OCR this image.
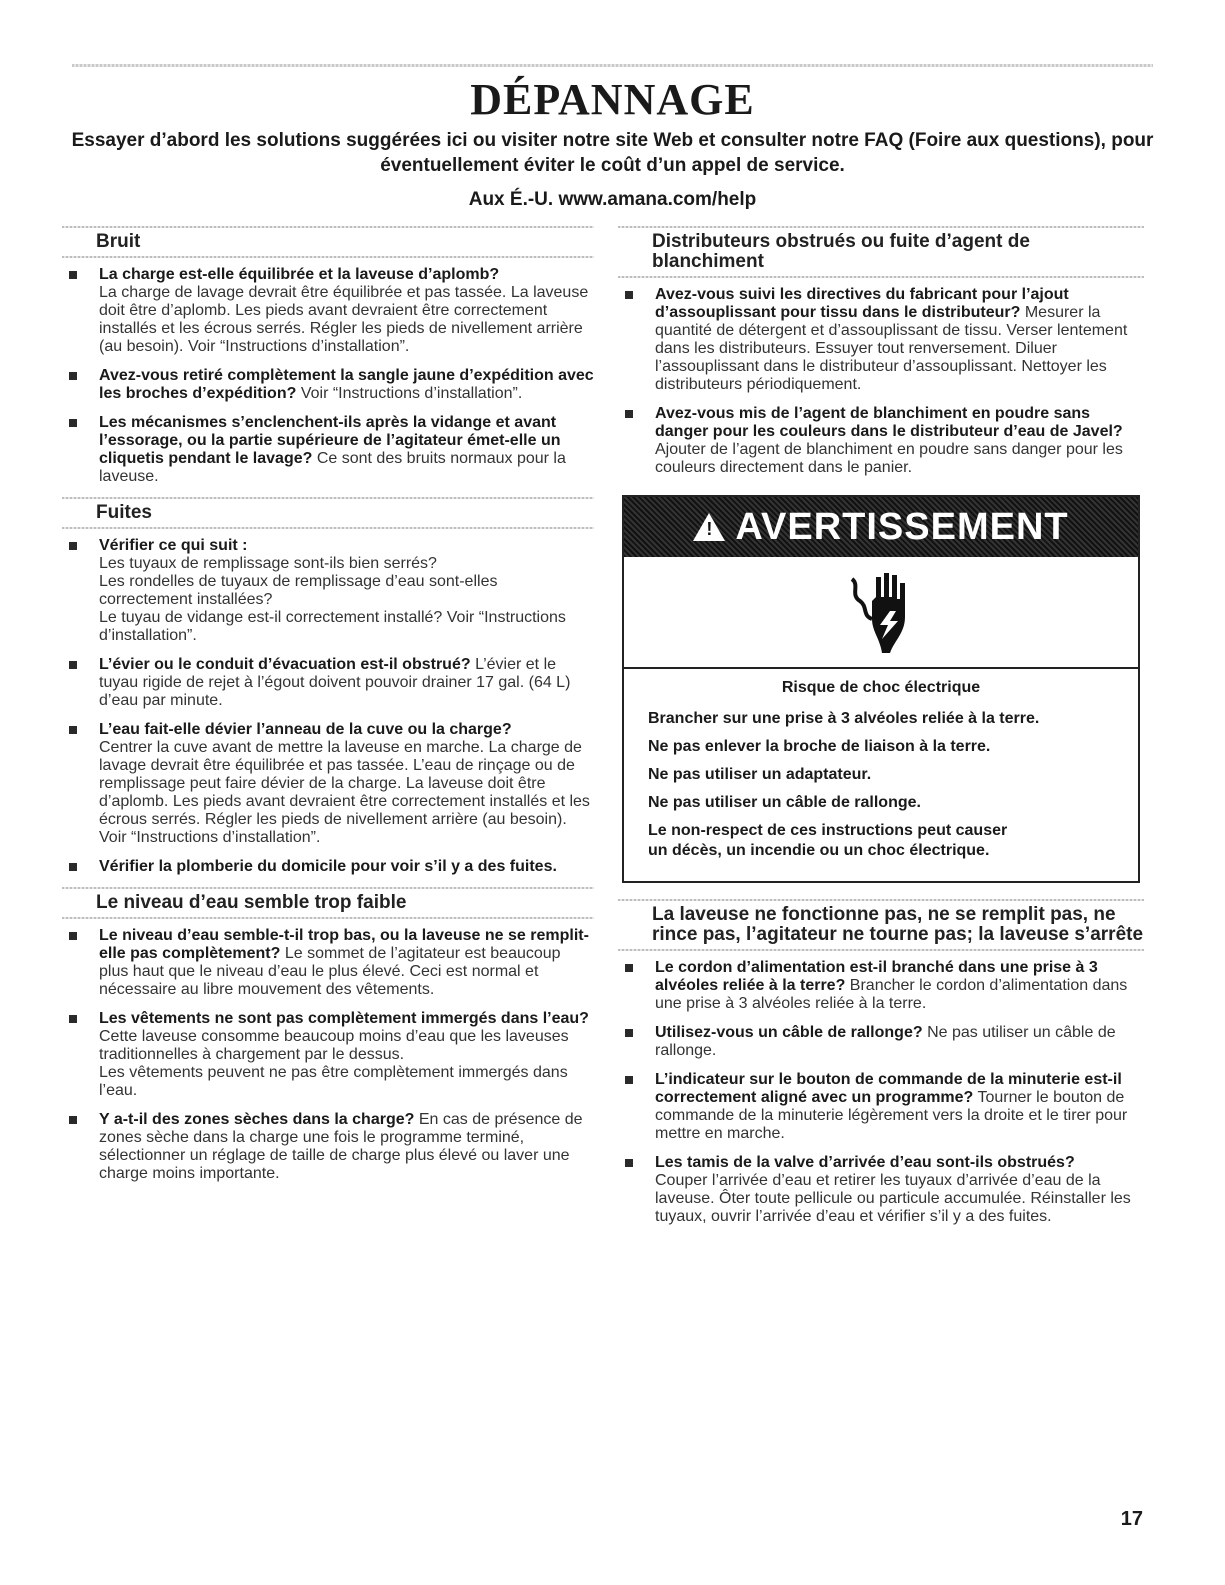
DÉPANNAGE
Essayer d’abord les solutions suggérées ici ou visiter notre site Web et consulter notre FAQ (Foire aux questions), pour éventuellement éviter le coût d’un appel de service.
Aux É.-U. www.amana.com/help
Bruit
La charge est-elle équilibrée et la laveuse d’aplomb?
La charge de lavage devrait être équilibrée et pas tassée. La laveuse doit être d’aplomb. Les pieds avant devraient être correctement installés et les écrous serrés. Régler les pieds de nivellement arrière (au besoin). Voir “Instructions d’installation”.
Avez-vous retiré complètement la sangle jaune d’expédition avec les broches d’expédition? Voir “Instructions d’installation”.
Les mécanismes s’enclenchent-ils après la vidange et avant l’essorage, ou la partie supérieure de l’agitateur émet-elle un cliquetis pendant le lavage? Ce sont des bruits normaux pour la laveuse.
Fuites
Vérifier ce qui suit :
Les tuyaux de remplissage sont-ils bien serrés?
Les rondelles de tuyaux de remplissage d’eau sont-elles correctement installées?
Le tuyau de vidange est-il correctement installé? Voir “Instructions d’installation”.
L’évier ou le conduit d’évacuation est-il obstrué? L’évier et le tuyau rigide de rejet à l’égout doivent pouvoir drainer 17 gal. (64 L) d’eau par minute.
L’eau fait-elle dévier l’anneau de la cuve ou la charge?
Centrer la cuve avant de mettre la laveuse en marche. La charge de lavage devrait être équilibrée et pas tassée. L’eau de rinçage ou de remplissage peut faire dévier de la charge. La laveuse doit être d’aplomb. Les pieds avant devraient être correctement installés et les écrous serrés. Régler les pieds de nivellement arrière (au besoin). Voir “Instructions d’installation”.
Vérifier la plomberie du domicile pour voir s’il y a des fuites.
Le niveau d’eau semble trop faible
Le niveau d’eau semble-t-il trop bas, ou la laveuse ne se remplit-elle pas complètement? Le sommet de l’agitateur est beaucoup plus haut que le niveau d’eau le plus élevé. Ceci est normal et nécessaire au libre mouvement des vêtements.
Les vêtements ne sont pas complètement immergés dans l’eau? Cette laveuse consomme beaucoup moins d’eau que les laveuses traditionnelles à chargement par le dessus.
Les vêtements peuvent ne pas être complètement immergés dans l’eau.
Y a-t-il des zones sèches dans la charge? En cas de présence de zones sèche dans la charge une fois le programme terminé, sélectionner un réglage de taille de charge plus élevé ou laver une charge moins importante.
Distributeurs obstrués ou fuite d’agent de blanchiment
Avez-vous suivi les directives du fabricant pour l’ajout d’assouplissant pour tissu dans le distributeur? Mesurer la quantité de détergent et d’assouplissant de tissu. Verser lentement dans les distributeurs. Essuyer tout renversement. Diluer l’assouplissant dans le distributeur d’assouplissant. Nettoyer les distributeurs périodiquement.
Avez-vous mis de l’agent de blanchiment en poudre sans danger pour les couleurs dans le distributeur d’eau de Javel? Ajouter de l’agent de blanchiment en poudre sans danger pour les couleurs directement dans le panier.
!
AVERTISSEMENT
Risque de choc électrique
Brancher sur une prise à 3 alvéoles reliée à la terre.
Ne pas enlever la broche de liaison à la terre.
Ne pas utiliser un adaptateur.
Ne pas utiliser un câble de rallonge.
Le non-respect de ces instructions peut causer
un décès, un incendie ou un choc électrique.
La laveuse ne fonctionne pas, ne se remplit pas, ne rince pas, l’agitateur ne tourne pas; la laveuse s’arrête
Le cordon d’alimentation est-il branché dans une prise à 3 alvéoles reliée à la terre? Brancher le cordon d’alimentation dans une prise à 3 alvéoles reliée à la terre.
Utilisez-vous un câble de rallonge? Ne pas utiliser un câble de rallonge.
L’indicateur sur le bouton de commande de la minuterie est-il correctement aligné avec un programme? Tourner le bouton de commande de la minuterie légèrement vers la droite et le tirer pour mettre en marche.
Les tamis de la valve d’arrivée d’eau sont-ils obstrués?
Couper l’arrivée d’eau et retirer les tuyaux d’arrivée d’eau de la laveuse. Ôter toute pellicule ou particule accumulée. Réinstaller les tuyaux, ouvrir l’arrivée d’eau et vérifier s’il y a des fuites.
17
